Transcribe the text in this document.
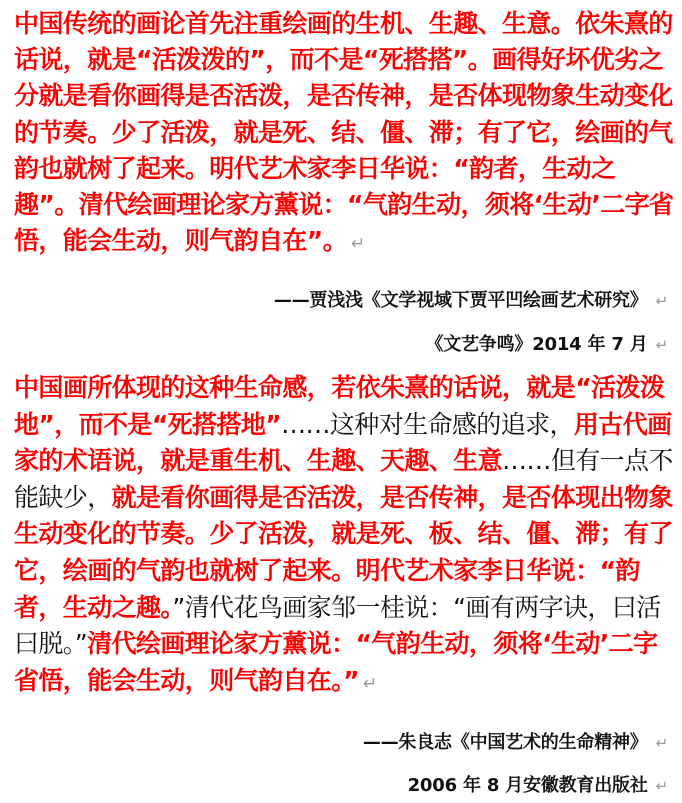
中国传统的画论首先注重绘画的生机、生趣、生意。依朱熹的话说，就是“活泼泼的”，而不是“死搭搭”。画得好坏优劣之分就是看你画得是否活泼，是否传神，是否体现物象生动变化的节奏。少了活泼，就是死、结、僵、滞；有了它，绘画的气韵也就树了起来。明代艺术家李日华说：“韵者，生动之趣”。清代绘画理论家方薰说：“气韵生动，须将‘生动’二字省悟，能会生动，则气韵自在”。 ↵
——贾浅浅《文学视域下贾平凹绘画艺术研究》 ↵
《文艺争鸣》2014 年 7 月 ↵
中国画所体现的这种生命感，若依朱熹的话说，就是“活泼泼地”，而不是“死搭搭地”……这种对生命感的追求，用古代画家的术语说，就是重生机、生趣、天趣、生意……但有一点不能缺少，就是看你画得是否活泼，是否传神，是否体现出物象生动变化的节奏。少了活泼，就是死、板、结、僵、滞；有了它，绘画的气韵也就树了起来。明代艺术家李日华说：“韵者，生动之趣。”清代花鸟画家邹一桂说：“画有两字诀，曰活曰脱。”清代绘画理论家方薰说：“气韵生动，须将‘生动’二字省悟，能会生动，则气韵自在。” ↵
——朱良志《中国艺术的生命精神》 ↵
2006 年 8 月安徽教育出版社 ↵
